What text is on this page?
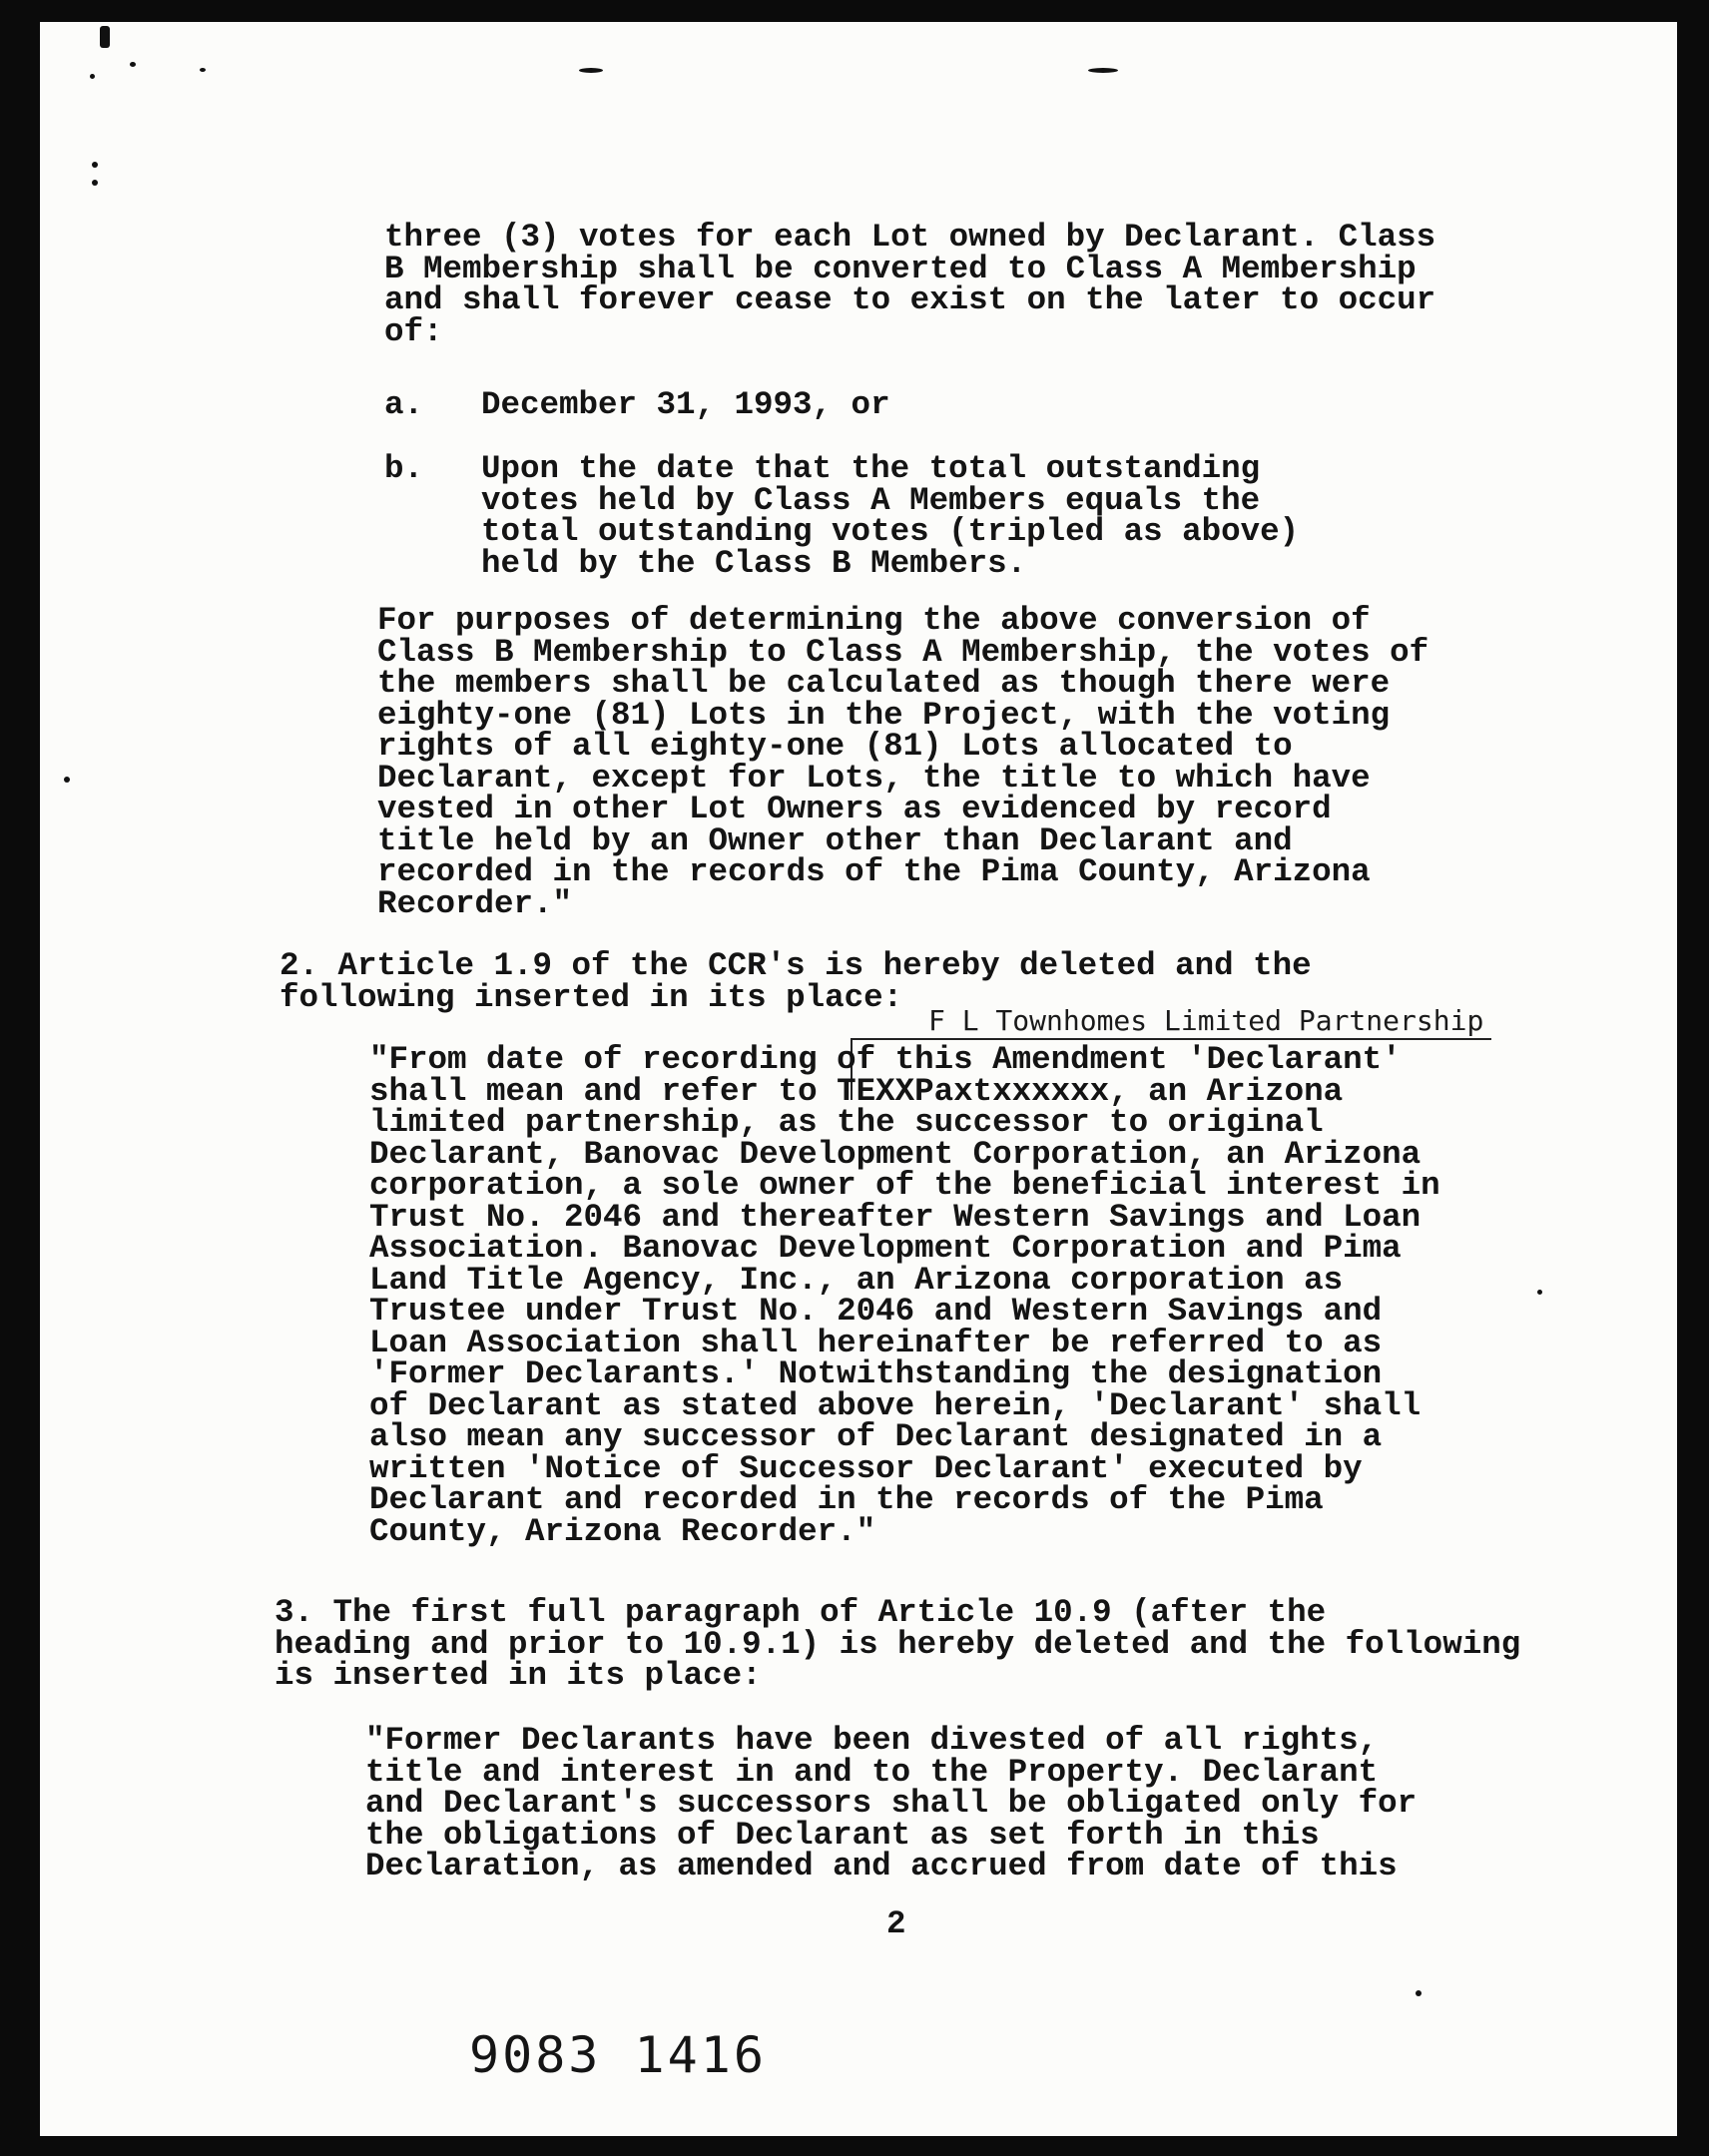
three (3) votes for each Lot owned by Declarant. Class
B Membership shall be converted to Class A Membership
and shall forever cease to exist on the later to occur
of:
a. December 31, 1993, or
b. Upon the date that the total outstanding
votes held by Class A Members equals the
total outstanding votes (tripled as above)
held by the Class B Members.
For purposes of determining the above conversion of
Class B Membership to Class A Membership, the votes of
the members shall be calculated as though there were
eighty-one (81) Lots in the Project, with the voting
rights of all eighty-one (81) Lots allocated to
Declarant, except for Lots, the title to which have
vested in other Lot Owners as evidenced by record
title held by an Owner other than Declarant and
recorded in the records of the Pima County, Arizona
Recorder."
2. Article 1.9 of the CCR's is hereby deleted and the
following inserted in its place:
F L Townhomes Limited Partnership
"From date of recording of this Amendment 'Declarant'
shall mean and refer to TEXXPaxtxxxxxx, an Arizona
limited partnership, as the successor to original
Declarant, Banovac Development Corporation, an Arizona
corporation, a sole owner of the beneficial interest in
Trust No. 2046 and thereafter Western Savings and Loan
Association. Banovac Development Corporation and Pima
Land Title Agency, Inc., an Arizona corporation as
Trustee under Trust No. 2046 and Western Savings and
Loan Association shall hereinafter be referred to as
'Former Declarants.' Notwithstanding the designation
of Declarant as stated above herein, 'Declarant' shall
also mean any successor of Declarant designated in a
written 'Notice of Successor Declarant' executed by
Declarant and recorded in the records of the Pima
County, Arizona Recorder."
3. The first full paragraph of Article 10.9 (after the
heading and prior to 10.9.1) is hereby deleted and the following
is inserted in its place:
"Former Declarants have been divested of all rights,
title and interest in and to the Property. Declarant
and Declarant's successors shall be obligated only for
the obligations of Declarant as set forth in this
Declaration, as amended and accrued from date of this
2
9083 1416
